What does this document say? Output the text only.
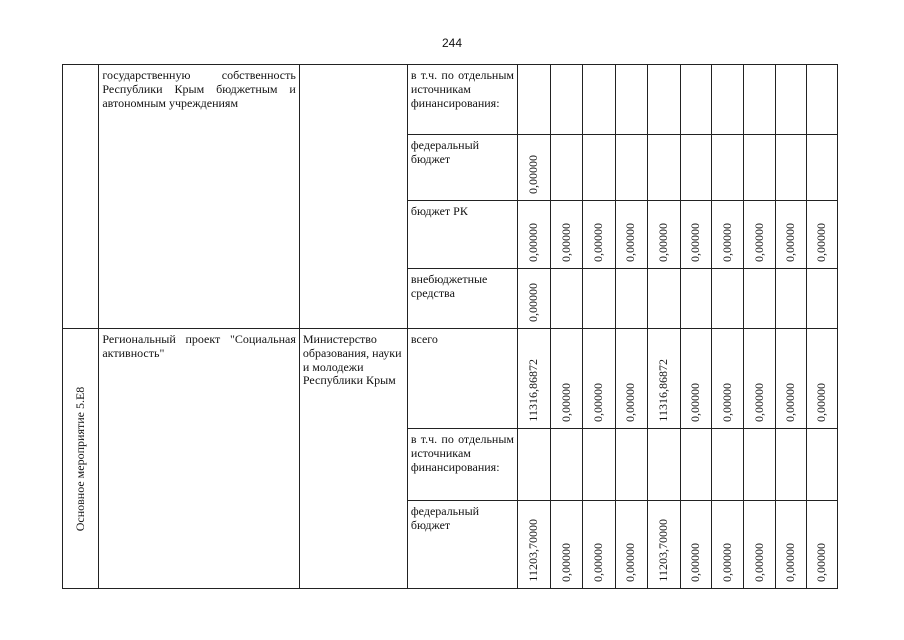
244
	государственную собственность Республики Крым бюджетным и автономным учреждениям		в т.ч. по отдельным источникам финансирования:										
			федеральный бюджет	0,00000									

			бюджет РК	0,00000	0,00000	0,00000	0,00000	0,00000	0,00000	0,00000	0,00000	0,00000	0,00000

			внебюджетные средства	0,00000									

Основное мероприятие 5.Е8	Региональный проект "Социальная активность"	Министерство образования, науки и молодежи Республики Крым	всего	11316,86872	0,00000	0,00000	0,00000	11316,86872	0,00000	0,00000	0,00000	0,00000	0,00000

			в т.ч. по отдельным источникам финансирования:										
			федеральный бюджет	11203,70000	0,00000	0,00000	0,00000	11203,70000	0,00000	0,00000	0,00000	0,00000	0,00000
